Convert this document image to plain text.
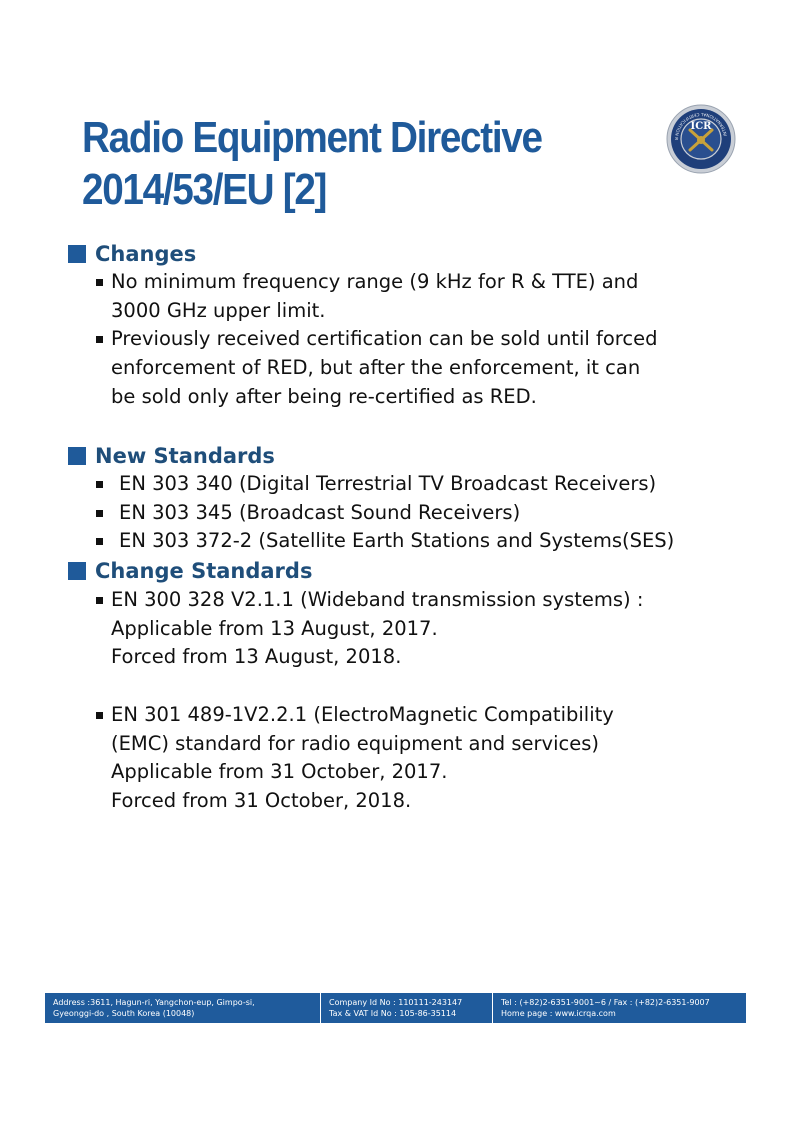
Radio Equipment Directive
2014/53/EU [2]
INTERNATIONAL CERTIFICATION R
ICR
Changes
No minimum frequency range (9 kHz for R & TTE) and
3000 GHz upper limit.
Previously received certification can be sold until forced
enforcement of RED, but after the enforcement, it can
be sold only after being re-certified as RED.
New Standards
EN 303 340 (Digital Terrestrial TV Broadcast Receivers)
EN 303 345 (Broadcast Sound Receivers)
EN 303 372-2 (Satellite Earth Stations and Systems(SES)
Change Standards
EN 300 328 V2.1.1 (Wideband transmission systems) :
Applicable from 13 August, 2017.
Forced from 13 August, 2018.
EN 301 489-1V2.2.1 (ElectroMagnetic Compatibility
(EMC) standard for radio equipment and services)
Applicable from 31 October, 2017.
Forced from 31 October, 2018.
Address :3611, Hagun-ri, Yangchon-eup, Gimpo-si,
Gyeonggi-do , South Korea (10048)
Company Id No : 110111-243147
Tax & VAT Id No : 105-86-35114
Tel : (+82)2-6351-9001~6 / Fax : (+82)2-6351-9007
Home page : www.icrqa.com
